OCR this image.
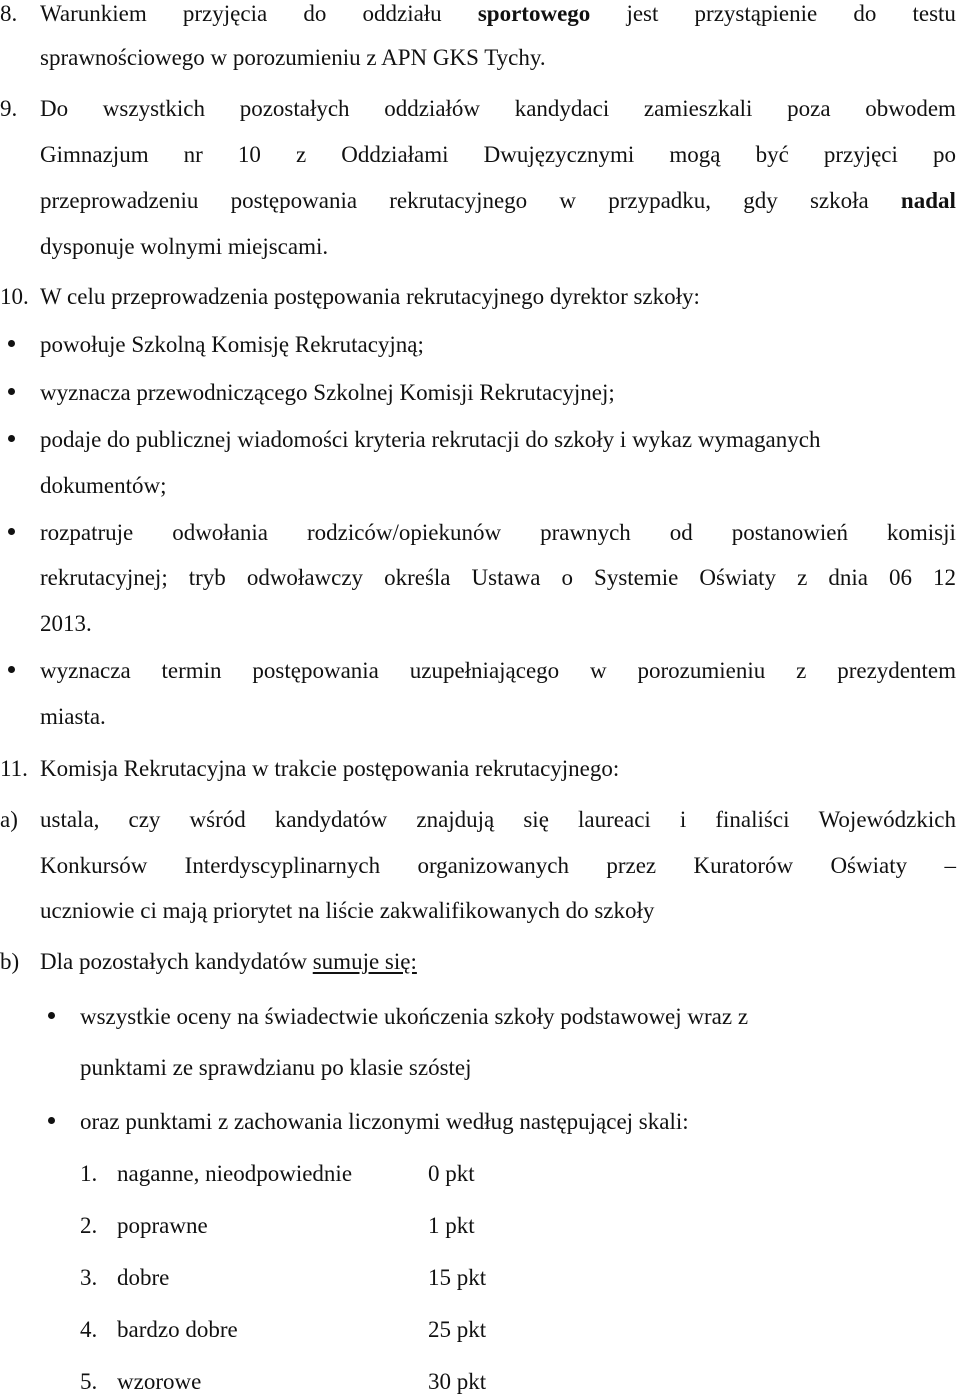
8. Warunkiem przyjęcia do oddziału sportowego jest przystąpienie do testu
sprawnościowego w porozumieniu z APN GKS Tychy.
9. Do wszystkich pozostałych oddziałów kandydaci zamieszkali poza obwodem
Gimnazjum nr 10 z Oddziałami Dwujęzycznymi mogą być przyjęci po
przeprowadzeniu postępowania rekrutacyjnego w przypadku, gdy szkoła nadal
dysponuje wolnymi miejscami.
10. W celu przeprowadzenia postępowania rekrutacyjnego dyrektor szkoły:
powołuje Szkolną Komisję Rekrutacyjną;
wyznacza przewodniczącego Szkolnej Komisji Rekrutacyjnej;
podaje do publicznej wiadomości kryteria rekrutacji do szkoły i wykaz wymaganych
dokumentów;
rozpatruje odwołania rodziców/opiekunów prawnych od postanowień komisji
rekrutacyjnej; tryb odwoławczy określa Ustawa o Systemie Oświaty z dnia 06 12
2013.
wyznacza termin postępowania uzupełniającego w porozumieniu z prezydentem
miasta.
11. Komisja Rekrutacyjna w trakcie postępowania rekrutacyjnego:
a) ustala, czy wśród kandydatów znajdują się laureaci i finaliści Wojewódzkich
Konkursów Interdyscyplinarnych organizowanych przez Kuratorów Oświaty –
uczniowie ci mają priorytet na liście zakwalifikowanych do szkoły
b) Dla pozostałych kandydatów sumuje się:
wszystkie oceny na świadectwie ukończenia szkoły podstawowej wraz z
punktami ze sprawdzianu po klasie szóstej
oraz punktami z zachowania liczonymi według następującej skali:
1. naganne, nieodpowiednie	0 pkt
2. poprawne	1 pkt
3. dobre	15 pkt
4. bardzo dobre	25 pkt
5. wzorowe	30 pkt
